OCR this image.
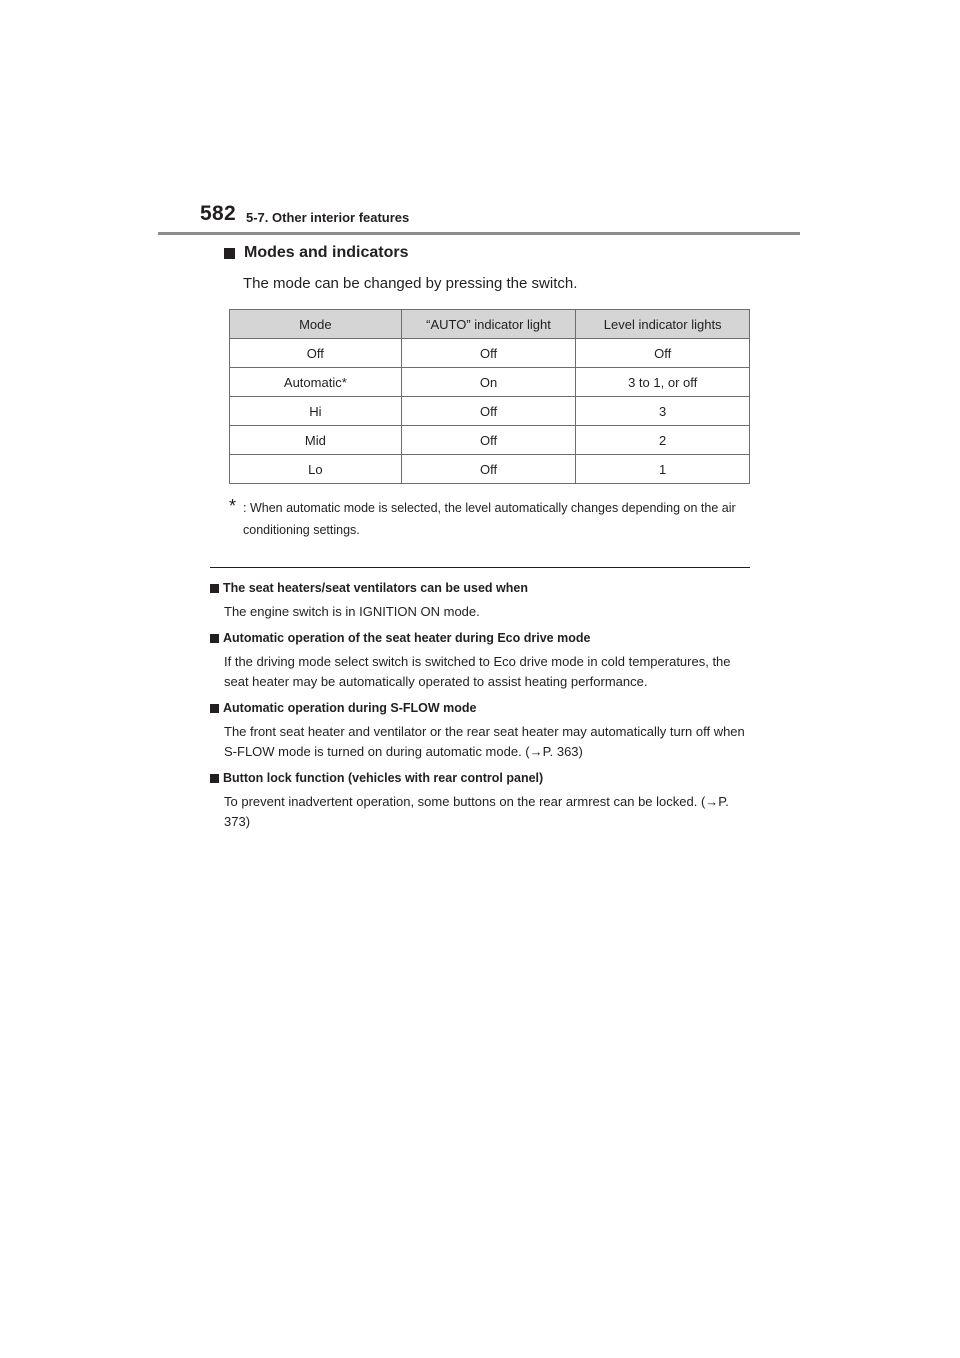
582 5-7. Other interior features
Modes and indicators
The mode can be changed by pressing the switch.
Mode	“AUTO” indicator light	Level indicator lights
Off	Off	Off
Automatic*	On	3 to 1, or off
Hi	Off	3
Mid	Off	2
Lo	Off	1
* : When automatic mode is selected, the level automatically changes depending on the air conditioning settings.
The seat heaters/seat ventilators can be used when
The engine switch is in IGNITION ON mode.
Automatic operation of the seat heater during Eco drive mode
If the driving mode select switch is switched to Eco drive mode in cold temperatures, the seat heater may be automatically operated to assist heating performance.
Automatic operation during S-FLOW mode
The front seat heater and ventilator or the rear seat heater may automatically turn off when S-FLOW mode is turned on during automatic mode. (→P. 363)
Button lock function (vehicles with rear control panel)
To prevent inadvertent operation, some buttons on the rear armrest can be locked. (→P. 373)
